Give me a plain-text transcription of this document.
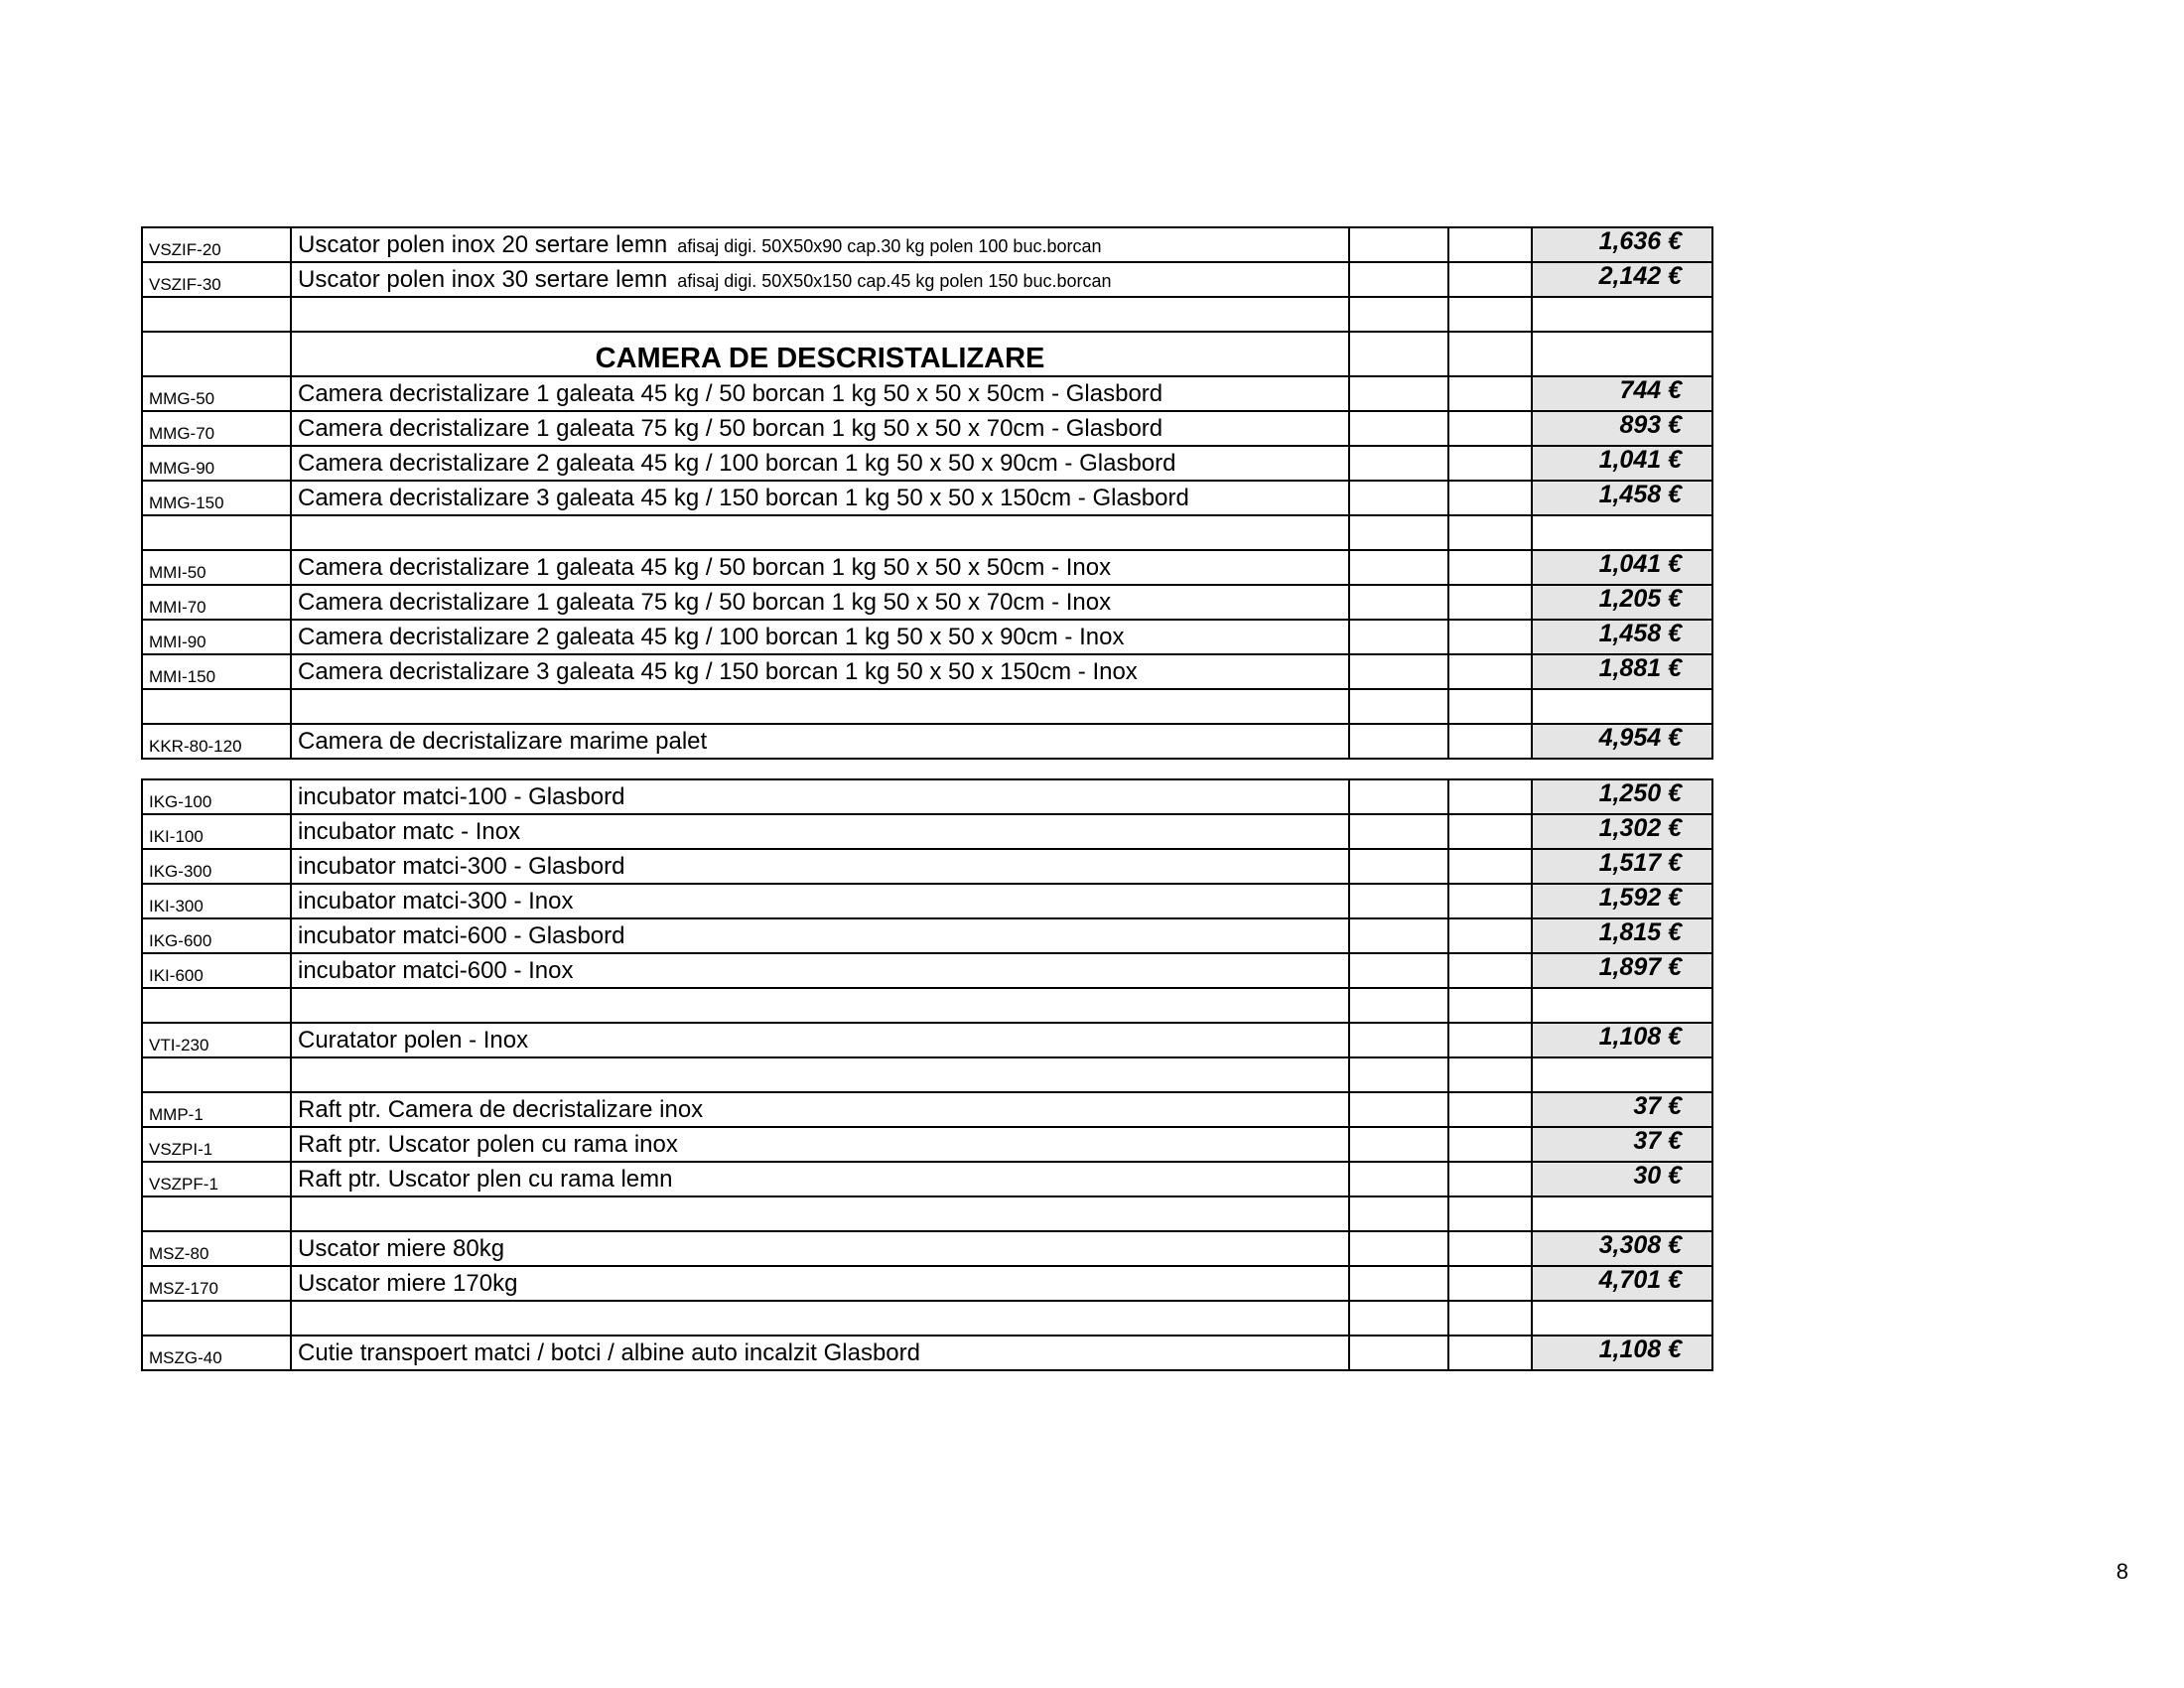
VSZIF-20	Uscator polen inox 20 sertare lemn afisaj digi. 50X50x90 cap.30 kg polen 100 buc.borcan			1,636 €
VSZIF-30	Uscator polen inox 30 sertare lemn afisaj digi. 50X50x150 cap.45 kg polen 150 buc.borcan			2,142 €

	CAMERA DE DESCRISTALIZARE			
MMG-50	Camera decristalizare 1 galeata 45 kg / 50 borcan 1 kg 50 x 50 x 50cm - Glasbord			744 €
MMG-70	Camera decristalizare 1 galeata 75 kg / 50 borcan 1 kg 50 x 50 x 70cm - Glasbord			893 €
MMG-90	Camera decristalizare 2 galeata 45 kg / 100 borcan 1 kg 50 x 50 x 90cm - Glasbord			1,041 €
MMG-150	Camera decristalizare 3 galeata 45 kg / 150 borcan 1 kg 50 x 50 x 150cm - Glasbord			1,458 €

MMI-50	Camera decristalizare 1 galeata 45 kg / 50 borcan 1 kg 50 x 50 x 50cm - Inox			1,041 €
MMI-70	Camera decristalizare 1 galeata 75 kg / 50 borcan 1 kg 50 x 50 x 70cm - Inox			1,205 €
MMI-90	Camera decristalizare 2 galeata 45 kg / 100 borcan 1 kg 50 x 50 x 90cm - Inox			1,458 €
MMI-150	Camera decristalizare 3 galeata 45 kg / 150 borcan 1 kg 50 x 50 x 150cm - Inox			1,881 €

KKR-80-120	Camera de decristalizare marime palet			4,954 €
IKG-100	incubator matci-100 - Glasbord			1,250 €
IKI-100	incubator matc - Inox			1,302 €
IKG-300	incubator matci-300 - Glasbord			1,517 €
IKI-300	incubator matci-300 - Inox			1,592 €
IKG-600	incubator matci-600 - Glasbord			1,815 €
IKI-600	incubator matci-600 - Inox			1,897 €

VTI-230	Curatator polen - Inox			1,108 €

MMP-1	Raft ptr. Camera de decristalizare inox			37 €
VSZPI-1	Raft ptr. Uscator polen cu rama inox			37 €
VSZPF-1	Raft ptr. Uscator plen cu rama lemn			30 €

MSZ-80	Uscator miere 80kg			3,308 €
MSZ-170	Uscator miere 170kg			4,701 €

MSZG-40	Cutie transpoert matci / botci / albine auto incalzit Glasbord			1,108 €
8
